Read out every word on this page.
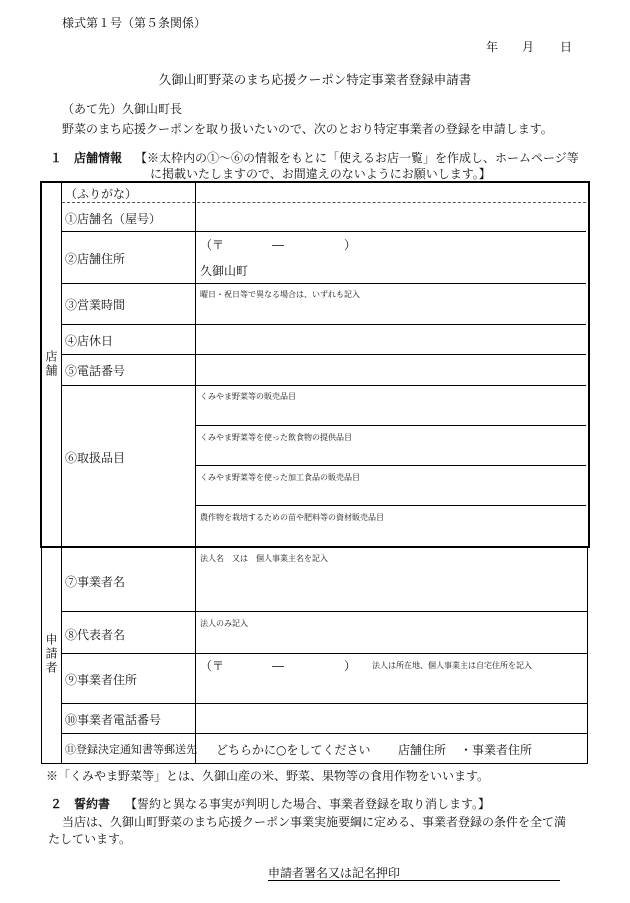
様式第１号（第５条関係）
年 月 日
久御山町野菜のまち応援クーポン特定事業者登録申請書
（あて先）久御山町長
野菜のまち応援クーポンを取り扱いたいので、次のとおり特定事業者の登録を申請します。
１ 店舗情報 【※太枠内の①～⑥の情報をもとに「使えるお店一覧」を作成し、ホームページ等
に掲載いたしますので、お間違えのないようにお願いします。】
店舗
申請者
（ふりがな）
①店舗名（屋号）
②店舗住所
③営業時間
④店休日
⑤電話番号
⑥取扱品目
⑦事業者名
⑧代表者名
⑨事業者住所
⑩事業者電話番号
⑪登録決定通知書等郵送先
（〒　　　　―　　　　　）
久御山町
曜日・祝日等で異なる場合は、いずれも記入
くみやま野菜等の販売品目
くみやま野菜等を使った飲食物の提供品目
くみやま野菜等を使った加工食品の販売品目
農作物を栽培するための苗や肥料等の資材販売品目
法人名　又は　個人事業主名を記入
法人のみ記入
（〒　　　　―　　　　　） 法人は所在地、個人事業主は自宅住所を記入
どちらかに○をしてください 店舗住所 ・事業者住所
※「くみやま野菜等」とは、久御山産の米、野菜、果物等の食用作物をいいます。
２ 誓約書 【誓約と異なる事実が判明した場合、事業者登録を取り消します。】
当店は、久御山町野菜のまち応援クーポン事業実施要綱に定める、事業者登録の条件を全て満
たしています。
申請者署名又は記名押印
